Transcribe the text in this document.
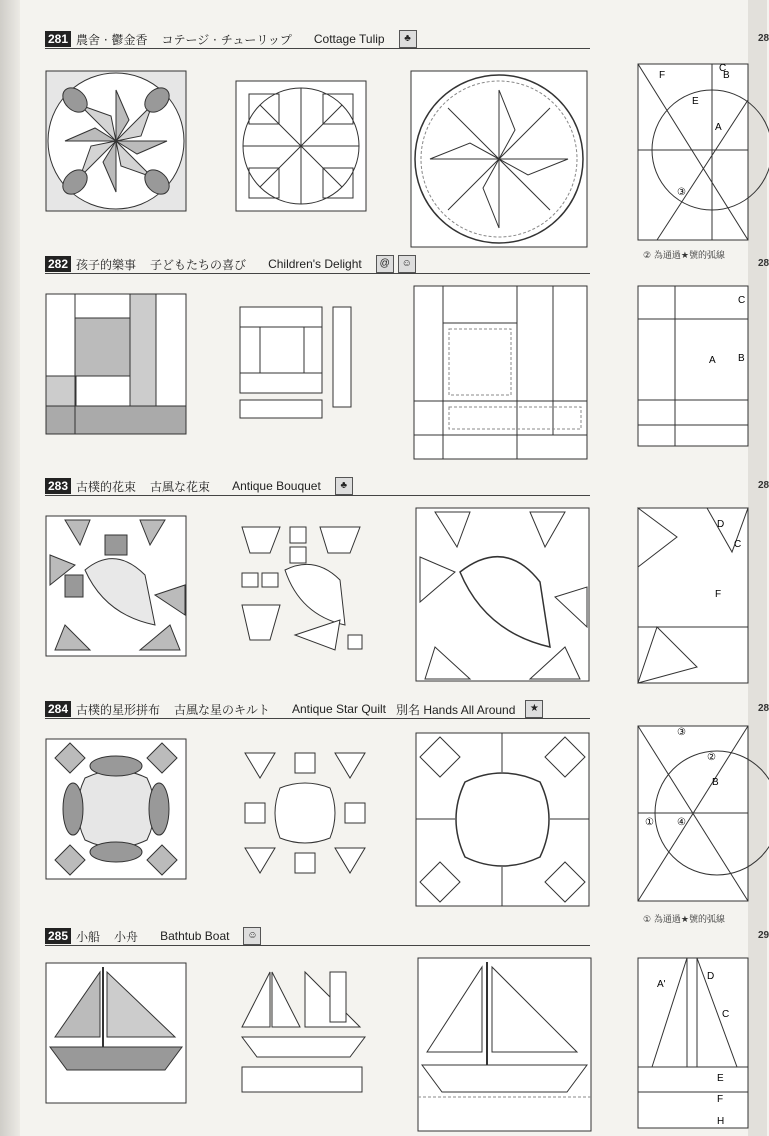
281 農舍 · 鬱金香 コテージ · チューリップ Cottage Tulip ♣
F
E
B
C
A
③
② 為通過★號的弧線
282 孩子的樂事 子どもたちの喜び Children's Delight @ ☺
A B
C
283 古樸的花束 古風な花束 Antique Bouquet ♣
D
C
F
284 古樸的星形拼布 古風な星のキルト Antique Star Quilt 別名 Hands All Around ★
③
①
②
④
B
① 為通過★號的弧線
285 小船 小舟 Bathtub Boat ☺
A'
D
C
E
F
H
28
28
28
28
29
